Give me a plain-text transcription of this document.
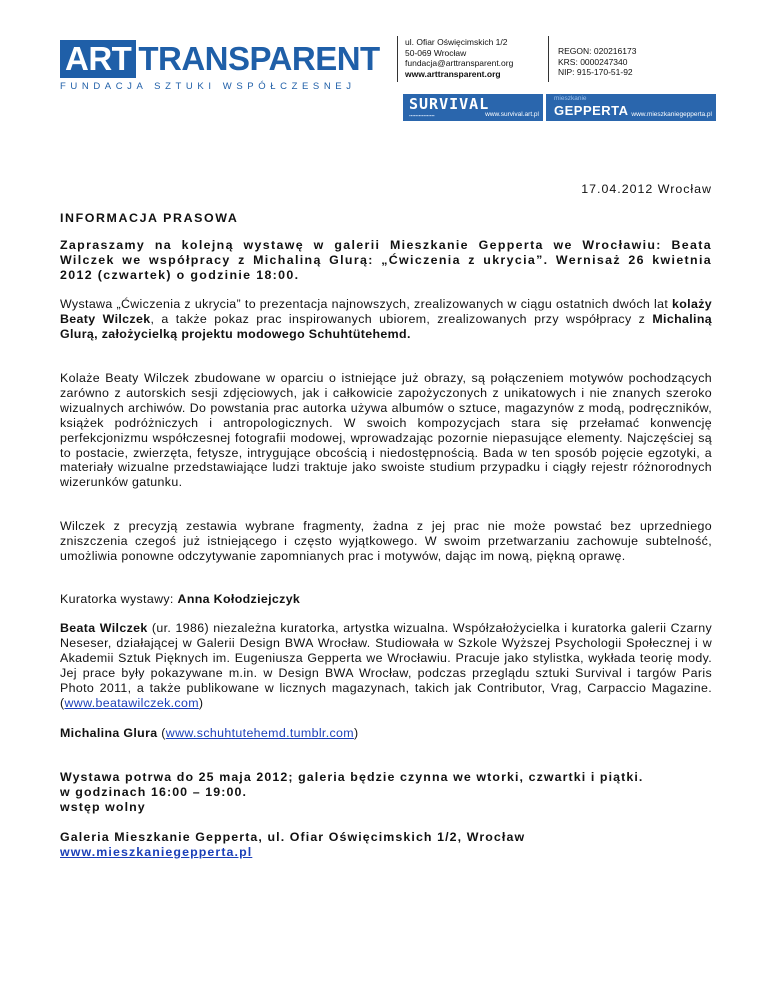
ART TRANSPARENT
FUNDACJA SZTUKI WSPÓŁCZESNEJ
ul. Ofiar Oświęcimskich 1/2
50-069 Wrocław
fundacja@arttransparent.org
www.arttransparent.org
REGON: 020216173
KRS: 0000247340
NIP: 915-170-51-92
SURVIVAL
▪▪▪▪▪▪▪▪▪▪▪▪▪▪▪▪	www.survival.art.pl
mieszkanie
GEPPERTA www.mieszkaniegepperta.pl
17.04.2012 Wrocław
INFORMACJA PRASOWA
Zapraszamy na kolejną wystawę w galerii Mieszkanie Gepperta we Wrocławiu: Beata Wilczek we współpracy z Michaliną Glurą: „Ćwiczenia z ukrycia”. Wernisaż 26 kwietnia 2012 (czwartek) o godzinie 18:00.
Wystawa „Ćwiczenia z ukrycia” to prezentacja najnowszych, zrealizowanych w ciągu ostatnich dwóch lat kolaży Beaty Wilczek, a także pokaz prac inspirowanych ubiorem, zrealizowanych przy współpracy z Michaliną Glurą, założycielką projektu modowego Schuhtütehemd.
Kolaże Beaty Wilczek zbudowane w oparciu o istniejące już obrazy, są połączeniem motywów pochodzących zarówno z autorskich sesji zdjęciowych, jak i całkowicie zapożyczonych z unikatowych i nie znanych szeroko wizualnych archiwów. Do powstania prac autorka używa albumów o sztuce, magazynów z modą, podręczników, książek podróżniczych i antropologicznych. W swoich kompozycjach stara się przełamać konwencję perfekcjonizmu współczesnej fotografii modowej, wprowadzając pozornie niepasujące elementy. Najczęściej są to postacie, zwierzęta, fetysze, intrygujące obcością i niedostępnością. Bada w ten sposób pojęcie egzotyki, a materiały wizualne przedstawiające ludzi traktuje jako swoiste studium przypadku i ciągły rejestr różnorodnych wizerunków gatunku.
Wilczek z precyzją zestawia wybrane fragmenty, żadna z jej prac nie może powstać bez uprzedniego zniszczenia czegoś już istniejącego i często wyjątkowego. W swoim przetwarzaniu zachowuje subtelność, umożliwia ponowne odczytywanie zapomnianych prac i motywów, dając im nową, piękną oprawę.
Kuratorka wystawy: Anna Kołodziejczyk
Beata Wilczek (ur. 1986) niezależna kuratorka, artystka wizualna. Współzałożycielka i kuratorka galerii Czarny Neseser, działającej w Galerii Design BWA Wrocław. Studiowała w Szkole Wyższej Psychologii Społecznej i w Akademii Sztuk Pięknych im. Eugeniusza Gepperta we Wrocławiu. Pracuje jako stylistka, wykłada teorię mody. Jej prace były pokazywane m.in. w Design BWA Wrocław, podczas przeglądu sztuki Survival i targów Paris Photo 2011, a także publikowane w licznych magazynach, takich jak Contributor, Vrag, Carpaccio Magazine. (www.beatawilczek.com)
Michalina Glura (www.schuhtutehemd.tumblr.com)
Wystawa potrwa do 25 maja 2012; galeria będzie czynna we wtorki, czwartki i piątki.
w godzinach 16:00 – 19:00.
wstęp wolny
Galeria Mieszkanie Gepperta, ul. Ofiar Oświęcimskich 1/2, Wrocław
www.mieszkaniegepperta.pl
